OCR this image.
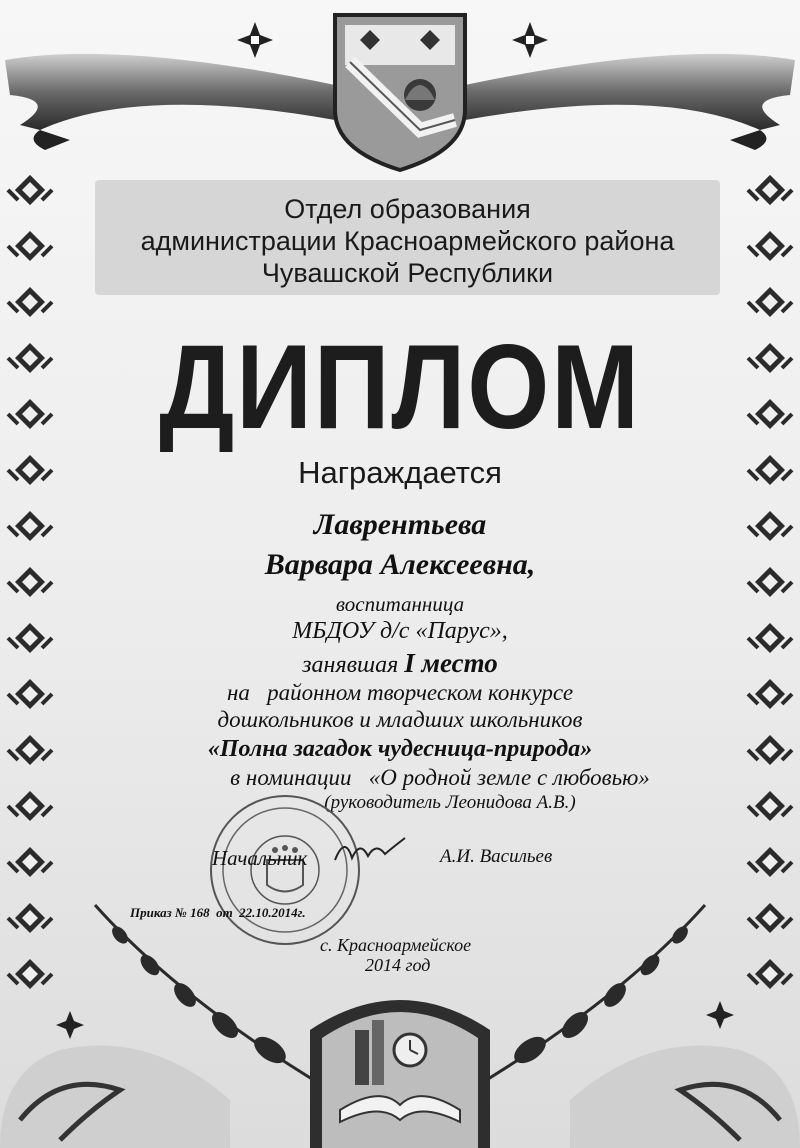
Отдел образования
администрации Красноармейского района
Чувашской Республики
ДИПЛОМ
Награждается
Лаврентьева
Варвара Алексеевна,
воспитанница
МБДОУ д/с «Парус»,
занявшая I место
на   районном творческом конкурсе
дошкольников и младших школьников
«Полна загадок чудесница-природа»
в номинации   «О родной земле с любовью»
(руководитель Леонидова А.В.)
Начальник	А.И. Васильев
Приказ № 168  от  22.10.2014г.
с. Красноармейское
2014 год
